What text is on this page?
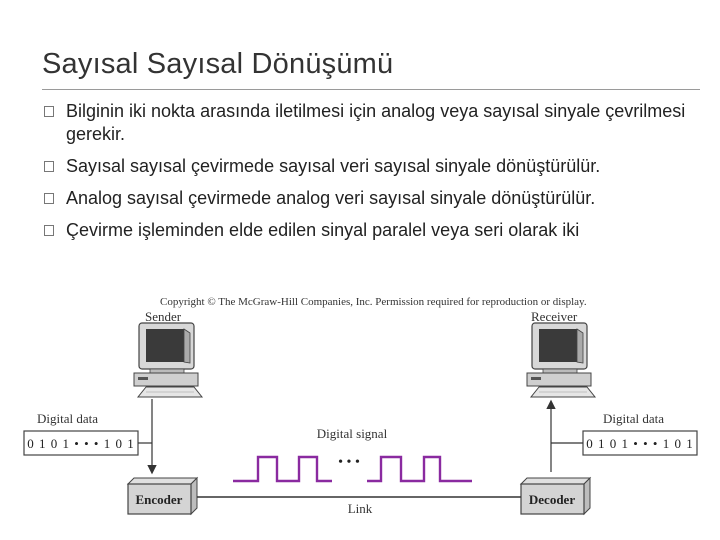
Sayısal Sayısal Dönüşümü
Bilginin iki nokta arasında iletilmesi için analog veya sayısal sinyale çevrilmesi gerekir.
Sayısal sayısal çevirmede sayısal veri sayısal sinyale dönüştürülür.
Analog sayısal çevirmede analog veri sayısal sinyale dönüştürülür.
Çevirme işleminden elde edilen sinyal paralel veya seri olarak iki
Copyright © The McGraw-Hill Companies, Inc. Permission required for reproduction or display.
Sender	Receiver
Digital data	Digital data
0 1 0 1 • • • 1 0 1	0 1 0 1 • • • 1 0 1
Encoder	Decoder
Link
Digital signal
• • •
